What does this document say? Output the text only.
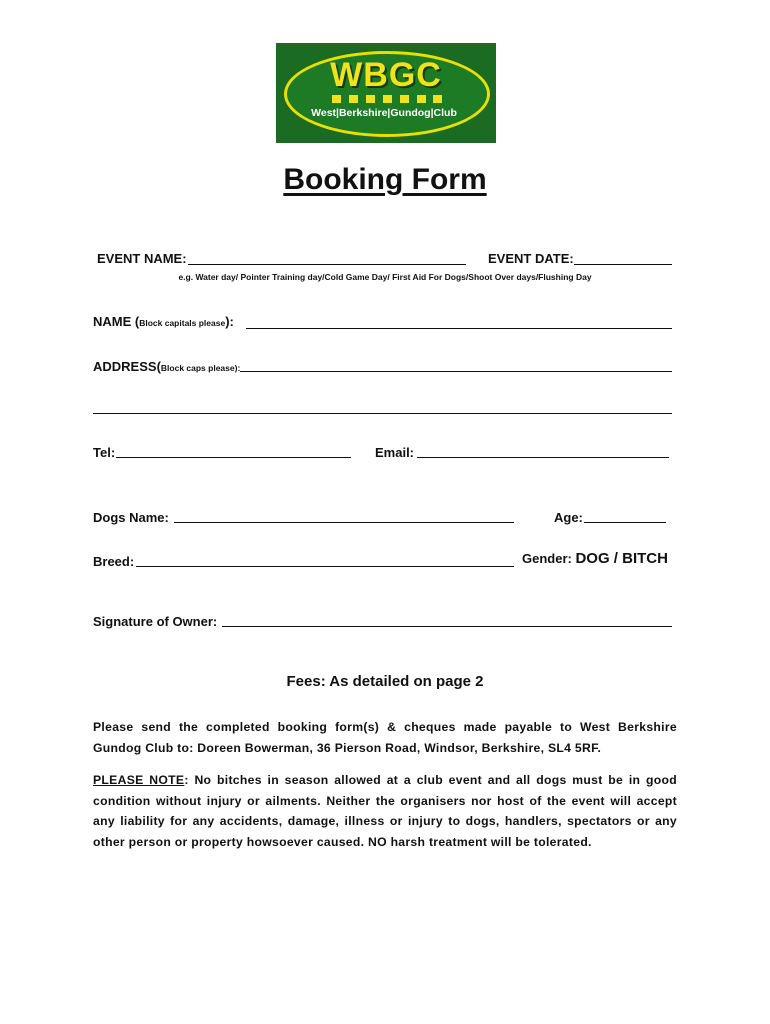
WBGC
West|Berkshire|Gundog|Club
Booking Form
EVENT NAME:	EVENT DATE:
e.g. Water day/ Pointer Training day/Cold Game Day/ First Aid For Dogs/Shoot Over days/Flushing Day
NAME (Block capitals please):
ADDRESS(Block caps please):
Tel:	Email:
Dogs Name:	Age:
Breed:	Gender: DOG / BITCH
Signature of Owner:
Fees: As detailed on page 2
Please send the completed booking form(s) & cheques made payable to West Berkshire Gundog Club to: Doreen Bowerman, 36 Pierson Road, Windsor, Berkshire, SL4 5RF.
PLEASE NOTE: No bitches in season allowed at a club event and all dogs must be in good condition without injury or ailments. Neither the organisers nor host of the event will accept any liability for any accidents, damage, illness or injury to dogs, handlers, spectators or any other person or property howsoever caused. NO harsh treatment will be tolerated.
